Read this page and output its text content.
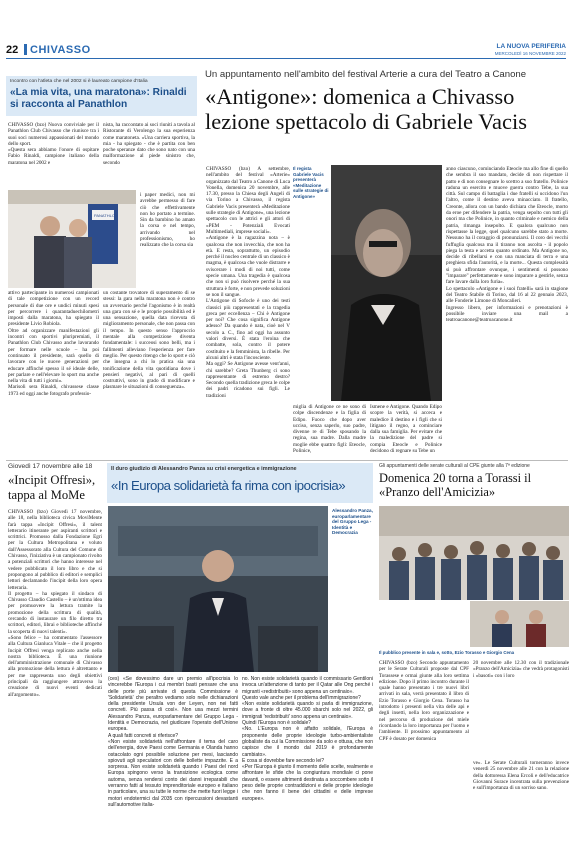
22 CHIVASSO	LA NUOVA PERIFERIA
MERCOLEDÌ 16 NOVEMBRE 2022
Incontro con l'atleta che nel 2002 si è laureato campione d'Italia
«La mia vita, una maratona»: Rinaldi si racconta al Panathlon
CHIVASSO (bzo) Nuova conviviale per il Panathlon Club Chivasso che riunisce tra i suoi soci numerosi appassionati del mondo dello sport.
«Questa sera abbiamo l'onore di ospitare Fabio Rinaldi, campione italiano della maratona nel 2002 e
PANATHLON
attivo partecipante in numerosi campionati di tale competizione con un record personale di due ore e undici minuti spesi per percorrere i quarantaduechilometri imposti dalla maratona, ha spiegato il presidente Livio Robiola.
Oltre ad organizzare manifestazioni gli incontri con sportivi pluripremiati, il Panathlon Club Chivasso anche lavorando per formare nelle scuole – ha poi continuato il presidente, sarà quello di lavorare con le nuove generazioni per educare affinché spesso il sé ideale delle, per parlare e nell'elevare lo sport ma anche nella vita di tutti i giorni».
Marisoli sera Rinaldi, chivassese classe 1973 ed oggi anche fotografo professio-
nista, ha raccontato ai soci riuniti a tavola al Ristorante di Verolengo la sua esperienza come maratoneta. «Una carriera sportiva, la mia - ha spiegato - che è partita con ben poche speranze dato che sono nato con una malformazione al piede sinistro che, secondo
i paper medici, non mi avrebbe permesso di fare ciò che effettivamente non ho portato a termine. Sin da bambino ho amato la corsa e nel tempo, arrivando nel professionismo, ho realizzato che la corsa sia
un costante trovatore di superamento di se stessi: la gara nella maratona non è contro un avversario perché l'agonismo è in realtà una gara con sé e le proprie possibilità ed è una sensazione, quella data ricevuta di miglioramento personale, che non passa con il tempo. In questo senso l'approccio mentale alla competizione diventa fondamentale: i succeosi sono belli, ma i fallimenti alleviano l'esperienza per fare meglio. Per questo ritengo che lo sport e ciò che insegna a chi lo pratica sia una tonificazione della vita quotidiana dove i pensieri negativi, al pari di quelli costruttivi, sono in grado di modificare e plasmare le situazioni di conseguenza».
Un appuntamento nell'ambito del festival Arterie a cura del Teatro a Canone
«Antigone»: domenica a Chivasso lezione spettacolo di Gabriele Vacis
CHIVASSO (bzo) A settembre, nell'ambito del festival «Arterie» organizzato dal Teatro a Canone di Luca Vonella, domenica 20 novembre, alle 17.30, presso la Chiesa degli Angeli di via Torino a Chivasso, il regista Gabriele Vacis presenterà «Meditazione sulle strategie di Antigone», una lezione spettacolo con le attrici e gli attori di «PEM - Potenziali Evocati Multimediali, imprese sociali».
«Antigone è la ragazzina nota – è qualcosa che non invecchia, che non ha età. E resta, soprattutto, un episodio perché il nucleo centrale di un classico è magma, è qualcosa che vuole distrarre e sviscerare i modi di noi tutti, come specie umana. Una tragedia è qualcosa che non si può risolvere perché la sua struttura è forte, e non prevede soluzioni se non il sangue.
L'Antigone di Sofocle è uno dei testi classici più rappresentati e la tragedia greca per eccellenza – Chi è Antigone per noi? Che cosa significa Antigone adesso? Da quando è nata, cioè nel V secolo a. C., fino ad oggi ha assunto valori diversi. È stata l'eroina che combatte, sola, contro il potere costituito e la femminista, la ribelle. Per alcuni altri è stata l'incosciente.
Ma oggi? Se Antigone avesse vent'anni, chi sarebbe? Greta Thunberg ci sono rappresentante di estremo destro? Secondo quella tradizione greca le colpe dei padri ricadono sui figli. Le tradizioni
Il regista Gabriele Vacis presenterà «Meditazione sulle strategie di Antigone»
miglia di Antigone ce ne sono di colpe discendenze e la figlia di Edipo. Fuoco che dopo aver ucciso, senza saperlo, suo padre, divenne re di Tebe sposando la regina, sua madre. Dalla madre moglie ebbe quattro figli: Eteocle, Polinice,
Ismene e Antigone. Quando Edipo scopre la verità, si acceca e maledice il destino e i figli che si litigano il regno, a cominciare dalla sua famiglia. Per evitare che la maledizione del padre si compia Eteocle e Polinice decidono di regnare su Tebe un
anno ciascuno, cominciando Eteocle ma allo fine di quello che sembra il suo mandato, decide di non rispettare il patto e di non consegnare lo scettro a suo fratello. Polinice raduna un esercito e muove guerra contro Tebe, la sua città. Sul campo di battaglia i due fratelli si uccidono l'un l'altro, come il destino aveva minacciato. Il fratello, Creonte, allora con un bando dichiara che Eteocle, morto da eroe per difendere la patria, venga sepolto con tutti gli onori ma che Polinice, in quanto criminale e nemico della patria, rimanga insepolto. E qualora qualcuno non rispettasse la legge, quel qualcuno sarebbe stato a morte. Nessuno ha il coraggio di pronunziarsi. Il coro dei vecchi fuffuglia qualcosa ma il tiranno non ascolta - il popolo piega la testa e accetta quanto ordinato. Ma Antigone no, decide di ribellarsi e con una manciata di terra e una preghiera sfida l'autorità, e la morte... Questa complessità si può affrontare ovunque, i sentimenti si possono "imparare" perfettamente e sono imparare a gestirle, senza fare lavare dalla loro furia».
Lo spettacolo «Antigone e i suoi fratelli» sarà in stagione del Teatro Stabile di Torino, dal 16 al 22 gennaio 2023, alle Fonderie Limone di Moncalieri.
Ingresso libero, per informazioni e prenotazioni è possibile inviare una mail a teatroacanone@teatroacanone.it
Giovedì 17 novembre alle 18
«Incipit Offresi», tappa al MoMe
CHIVASSO (bzo) Giovedì 17 novembre, alle 18, nella biblioteca civica MoviMente farà tappa «Incipit Offresi», il talent letterario itinerante per aspiranti scrittori e scrittrici. Promosso dalla Fondazione Egri per la Cultura Metropolitana e voluto dall'Assessorato alla Cultura del Comune di Chivasso, l'iniziativa è un campionato rivolto a potenziali scrittori che hanno interesse nel vedere pubblicato il loro libro e che si propongono al pubblico di editori e semplici lettori declamando l'incipit della loro opera letteraria.
Il progetto – ha spiegato il sindaco di Chivasso Claudio Castello – è un'ottima idea per promuovere la lettura tramite la promozione della scrittura di qualità, cercando di instaurare un filo diretto tra scrittori, editori, librai e biblioteche affinché la scoperta di nuovi talenti».
«Sono felice – ha commentato l'assessore alla Cultura Gianluca Vitale – che il progetto Incipit Offresi venga replicato anche nella nostra biblioteca. È una riunione dell'amministrazione comunale di Chivasso alla promozione della lettura è altrettanto e per me rappresenta uno degli obiettivi principali da raggiungere attraverso la creazione di nuovi eventi dedicati all'argomento».
Il duro giudizio di Alessandro Panza su crisi energetica e immigrazione
«In Europa solidarietà fa rima con ipocrisia»
Alessandro Panza, europarlamentare del Gruppo Lega - Identità e Democrazia
(ces) «Se dovessimo dare un premio all'ipocrisia lo vincerebbe l'Europa i cui membri basti pensare che una delle porte più arrivate di questa Commissione è 'Solidarietà' che peraltro vediamo solo nelle dichiarazioni della presidente Ursula von der Leyen, non nei fatti concreti. Più passa di così». Non usa mezzi termini Alessandro Panza, europarlamentare del Gruppo Lega - Identità e Democrazia, nel giudicare l'operato dell'Unione europea.
A quali fatti concreti si riferisce?
«Non esiste solidarietà nell'affrontare il tema del caro dell'energia, dove Paesi come Germania e Olanda hanno ostacolato ogni possibile soluzione per mesi, lasciando spiovuti agli speculatori con delle bollette impazzite. E a sorpresa. Non esiste solidarietà quando i Paesi del nord Europa spingono verso la transizione ecologica come automa, senza rendersi conto dei danni irreparabili che verranno fatti al tessuto imprenditoriale europeo e italiano in particolare, una su tutte le norme che mette fuori legge i motori endotermici dal 2035 con ripercussioni devastanti sull'automotive italia-
no. Non esiste solidarietà quando il commissario Gentiloni invoca un'attenzione di tanto per il Qatar alle Ong perché i migranti «redistribuiti» sono appena un centinaio».
Questo vale anche per il problema dell'immigrazione?
«Non esiste solidarietà quando si parla di immigrazione, dove a fronte di oltre 45.000 sbarchi solo nel 2022, gli immigrati 'redistribuiti' sono appena un centinaio».
Quindi l'Europa non è solidale?
«No. L'Europa non è affatto solidale, l'Europa è proponente delle proprie ideologie turbo-ambientaliste globaliste da cui la Commissione da solo e ottusa, che non capisce che il mondo dal 2019 è profondamente cambiato».
E cosa si dovrebbe fare secondo lei?
«Per l'Europa è giunto il momento delle scelte, realmente e affrontare le sfide che la congiuntura mondiale ci pone davanti, o essere altrimenti destinata a soccombere sotto il peso delle proprie contraddizioni e delle proprie ideologie che non fanno il bene dei cittadini e delle imprese europee».
Gli appuntamenti delle serate culturali al CPE giunte alla 7ª edizione
Domenica 20 torna a Torassi il «Pranzo dell'Amicizia»
Il pubblico presente in sala e, sotto, Ezio Torasso e Giorgio Cena
CHIVASSO (bzo) Secondo appuntamento per le Serate Culturali proposte dal CPF Torassese e ormai giunte alla loro settima edizione. Dopo il primo incontro durante il quale hanno presentato i tre nuovi libri arrivati in sala, verrà presentato il libro di Ezio Torasso e Giorgio Cena. Torasso ha introdotto i presenti nella vita delle api e degli insetti, nella loro organizzazione e nel percorso di produzione del miele ricordando la loro importanza per l'uomo e l'ambiente. Il prossimo appuntamento al CPF è dosato per domenica
20 novembre alle 12.30 con il tradizionale «Pranzo dell'Amicizia» che vedrà protagonisti i «basoti» con i loro
ve». Le Serate Culturali torneranno invece venerdì 25 novembre alle 21 con la relazione della dottoressa Elena Ercoli e dell'educatrice Giovanni Surace incentrata sulla prevenzione e sull'importanza di un sorriso sano.
